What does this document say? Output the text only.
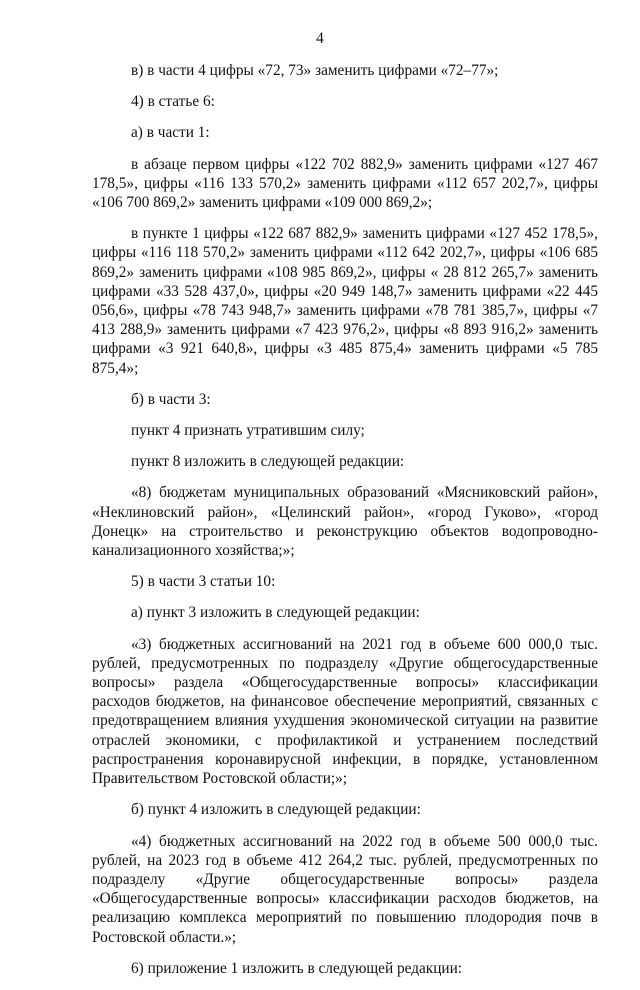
4

в) в части 4 цифры «72, 73» заменить цифрами «72–77»;

4) в статье 6:

а) в части 1:

в абзаце первом цифры «122 702 882,9» заменить цифрами «127 467 178,5», цифры «116 133 570,2» заменить цифрами «112 657 202,7», цифры «106 700 869,2» заменить цифрами «109 000 869,2»;

в пункте 1 цифры «122 687 882,9» заменить цифрами «127 452 178,5», цифры «116 118 570,2» заменить цифрами «112 642 202,7», цифры «106 685 869,2» заменить цифрами «108 985 869,2», цифры « 28 812 265,7» заменить цифрами «33 528 437,0», цифры «20 949 148,7» заменить цифрами «22 445 056,6», цифры «78 743 948,7» заменить цифрами «78 781 385,7», цифры «7 413 288,9» заменить цифрами «7 423 976,2», цифры «8 893 916,2» заменить цифрами «3 921 640,8», цифры «3 485 875,4» заменить цифрами «5 785 875,4»;

б) в части 3:

пункт 4 признать утратившим силу;

пункт 8 изложить в следующей редакции:

«8) бюджетам муниципальных образований «Мясниковский район», «Неклиновский район», «Целинский район», «город Гуково», «город Донецк» на строительство и реконструкцию объектов водопроводно-канализационного хозяйства;»;

5) в части 3 статьи 10:

а) пункт 3 изложить в следующей редакции:

«3) бюджетных ассигнований на 2021 год в объеме 600 000,0 тыс. рублей, предусмотренных по подразделу «Другие общегосударственные вопросы» раздела «Общегосударственные вопросы» классификации расходов бюджетов, на финансовое обеспечение мероприятий, связанных с предотвращением влияния ухудшения экономической ситуации на развитие отраслей экономики, с профилактикой и устранением последствий распространения коронавирусной инфекции, в порядке, установленном Правительством Ростовской области;»;

б) пункт 4 изложить в следующей редакции:

«4) бюджетных ассигнований на 2022 год в объеме 500 000,0 тыс. рублей, на 2023 год в объеме 412 264,2 тыс. рублей, предусмотренных по подразделу «Другие общегосударственные вопросы» раздела «Общегосударственные вопросы» классификации расходов бюджетов, на реализацию комплекса мероприятий по повышению плодородия почв в Ростовской области.»;

6) приложение 1 изложить в следующей редакции:
